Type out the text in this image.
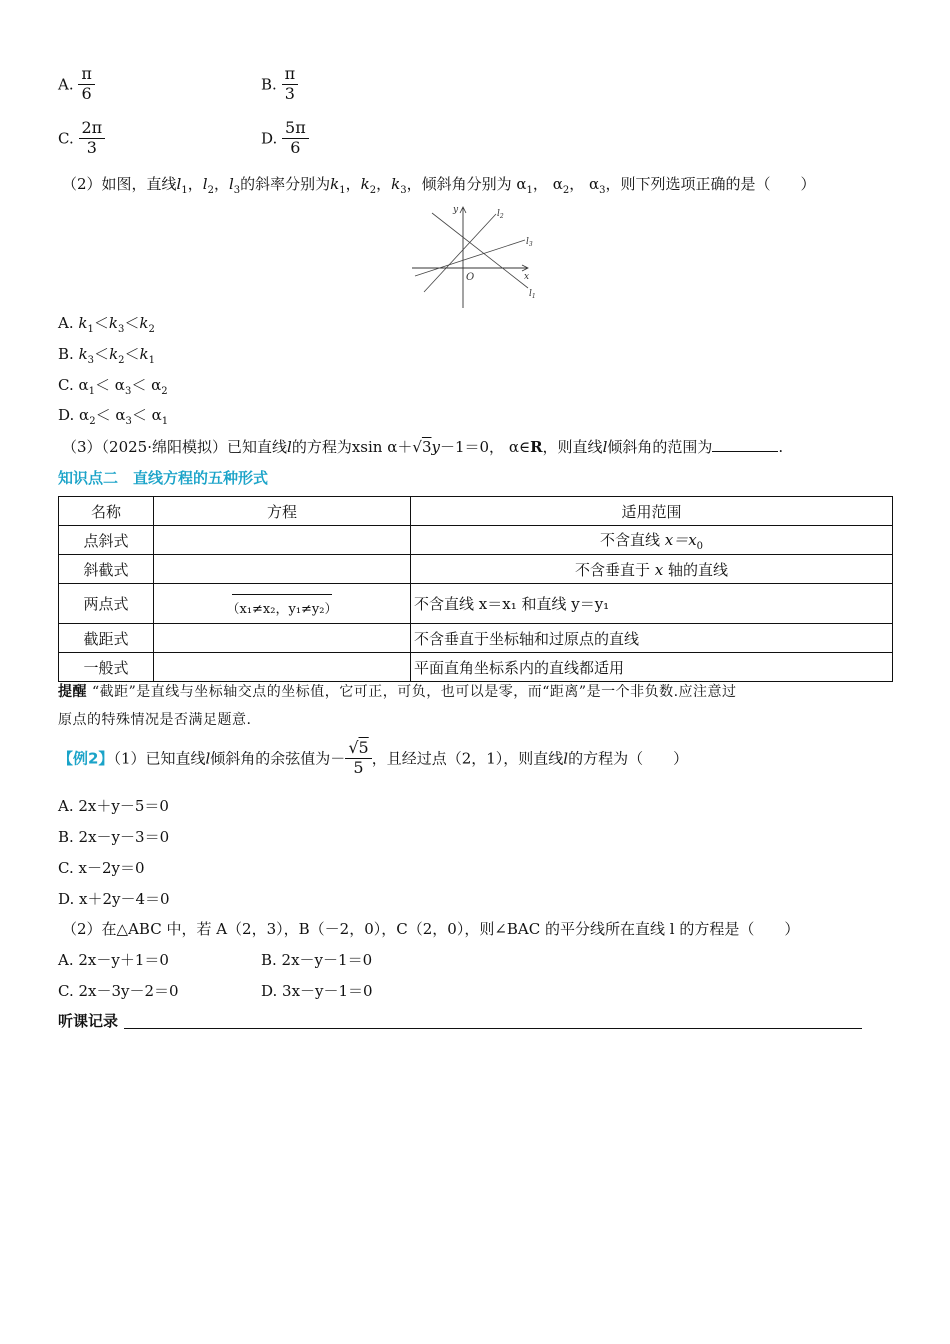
A. $\frac{\pi}{6}$	B. $\frac{\pi}{3}$
C. $\frac{2\pi}{3}$	D. $\frac{5\pi}{6}$
（2）如图，直线$l_1$，$l_2$，$l_3$的斜率分别为$k_1$，$k_2$，$k_3$，倾斜角分别为 $\alpha_1$， $\alpha_2$， $\alpha_3$，则下列选项正确的是（　　）
y
x
O
$l_2$
$l_3$
$l_1$
A. $k_1<k_3<k_2$
B. $k_3<k_2<k_1$
C. $\alpha_1< \alpha_3< \alpha_2$
D. $\alpha_2< \alpha_3< \alpha_1$
（3）（2025·绵阳模拟）已知直线l的方程为xsin α＋√3y－1＝0， α∈R，则直线l倾斜角的范围为	.
知识点二　直线方程的五种形式
名称	方程	适用范围
点斜式		不含直线 $x=x_0$
斜截式		不含垂直于 x 轴的直线
两点式	（x₁≠x₂，y₁≠y₂）	不含直线 x＝x₁ 和直线 y＝y₁
截距式		不含垂直于坐标轴和过原点的直线
一般式		平面直角坐标系内的直线都适用
提醒 “截距”是直线与坐标轴交点的坐标值，它可正，可负，也可以是零，而“距离”是一个非负数.应注意过
原点的特殊情况是否满足题意.
【例2】（1）已知直线l倾斜角的余弦值为－ $\frac{√5}{5}$ ，且经过点（2，1），则直线l的方程为（　　）
A. 2x＋y－5＝0
B. 2x－y－3＝0
C. x－2y＝0
D. x＋2y－4＝0
（2）在△ABC 中，若 A（2，3），B（－2，0），C（2，0），则∠BAC 的平分线所在直线 l 的方程是（　　）
A. 2x－y＋1＝0	B. 2x－y－1＝0
C. 2x－3y－2＝0	D. 3x－y－1＝0
听课记录
